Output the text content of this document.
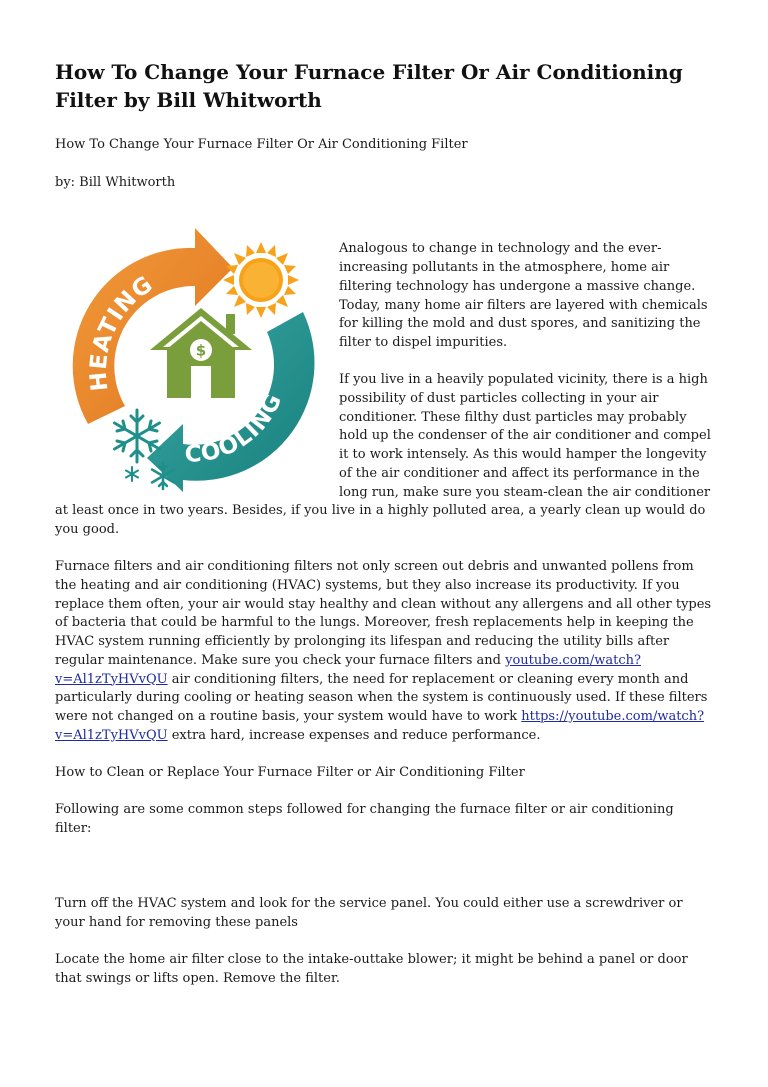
How To Change Your Furnace Filter Or Air Conditioning Filter by Bill Whitworth

How To Change Your Furnace Filter Or Air Conditioning Filter

by: Bill Whitworth

HEATING
COOLING
$

Analogous to change in technology and the ever-increasing pollutants in the atmosphere, home air filtering technology has undergone a massive change. Today, many home air filters are layered with chemicals for killing the mold and dust spores, and sanitizing the filter to dispel impurities.

If you live in a heavily populated vicinity, there is a high possibility of dust particles collecting in your air conditioner. These filthy dust particles may probably hold up the condenser of the air conditioner and compel it to work intensely. As this would hamper the longevity of the air conditioner and affect its performance in the long run, make sure you steam-clean the air conditioner at least once in two years. Besides, if you live in a highly polluted area, a yearly clean up would do you good.

Furnace filters and air conditioning filters not only screen out debris and unwanted pollens from the heating and air conditioning (HVAC) systems, but they also increase its productivity. If you replace them often, your air would stay healthy and clean without any allergens and all other types of bacteria that could be harmful to the lungs. Moreover, fresh replacements help in keeping the HVAC system running efficiently by prolonging its lifespan and reducing the utility bills after regular maintenance. Make sure you check your furnace filters and youtube.com/watch?v=Al1zTyHVvQU air conditioning filters, the need for replacement or cleaning every month and particularly during cooling or heating season when the system is continuously used. If these filters were not changed on a routine basis, your system would have to work https://youtube.com/watch?v=Al1zTyHVvQU extra hard, increase expenses and reduce performance.

How to Clean or Replace Your Furnace Filter or Air Conditioning Filter

Following are some common steps followed for changing the furnace filter or air conditioning filter:

Turn off the HVAC system and look for the service panel. You could either use a screwdriver or your hand for removing these panels

Locate the home air filter close to the intake-outtake blower; it might be behind a panel or door that swings or lifts open. Remove the filter.
